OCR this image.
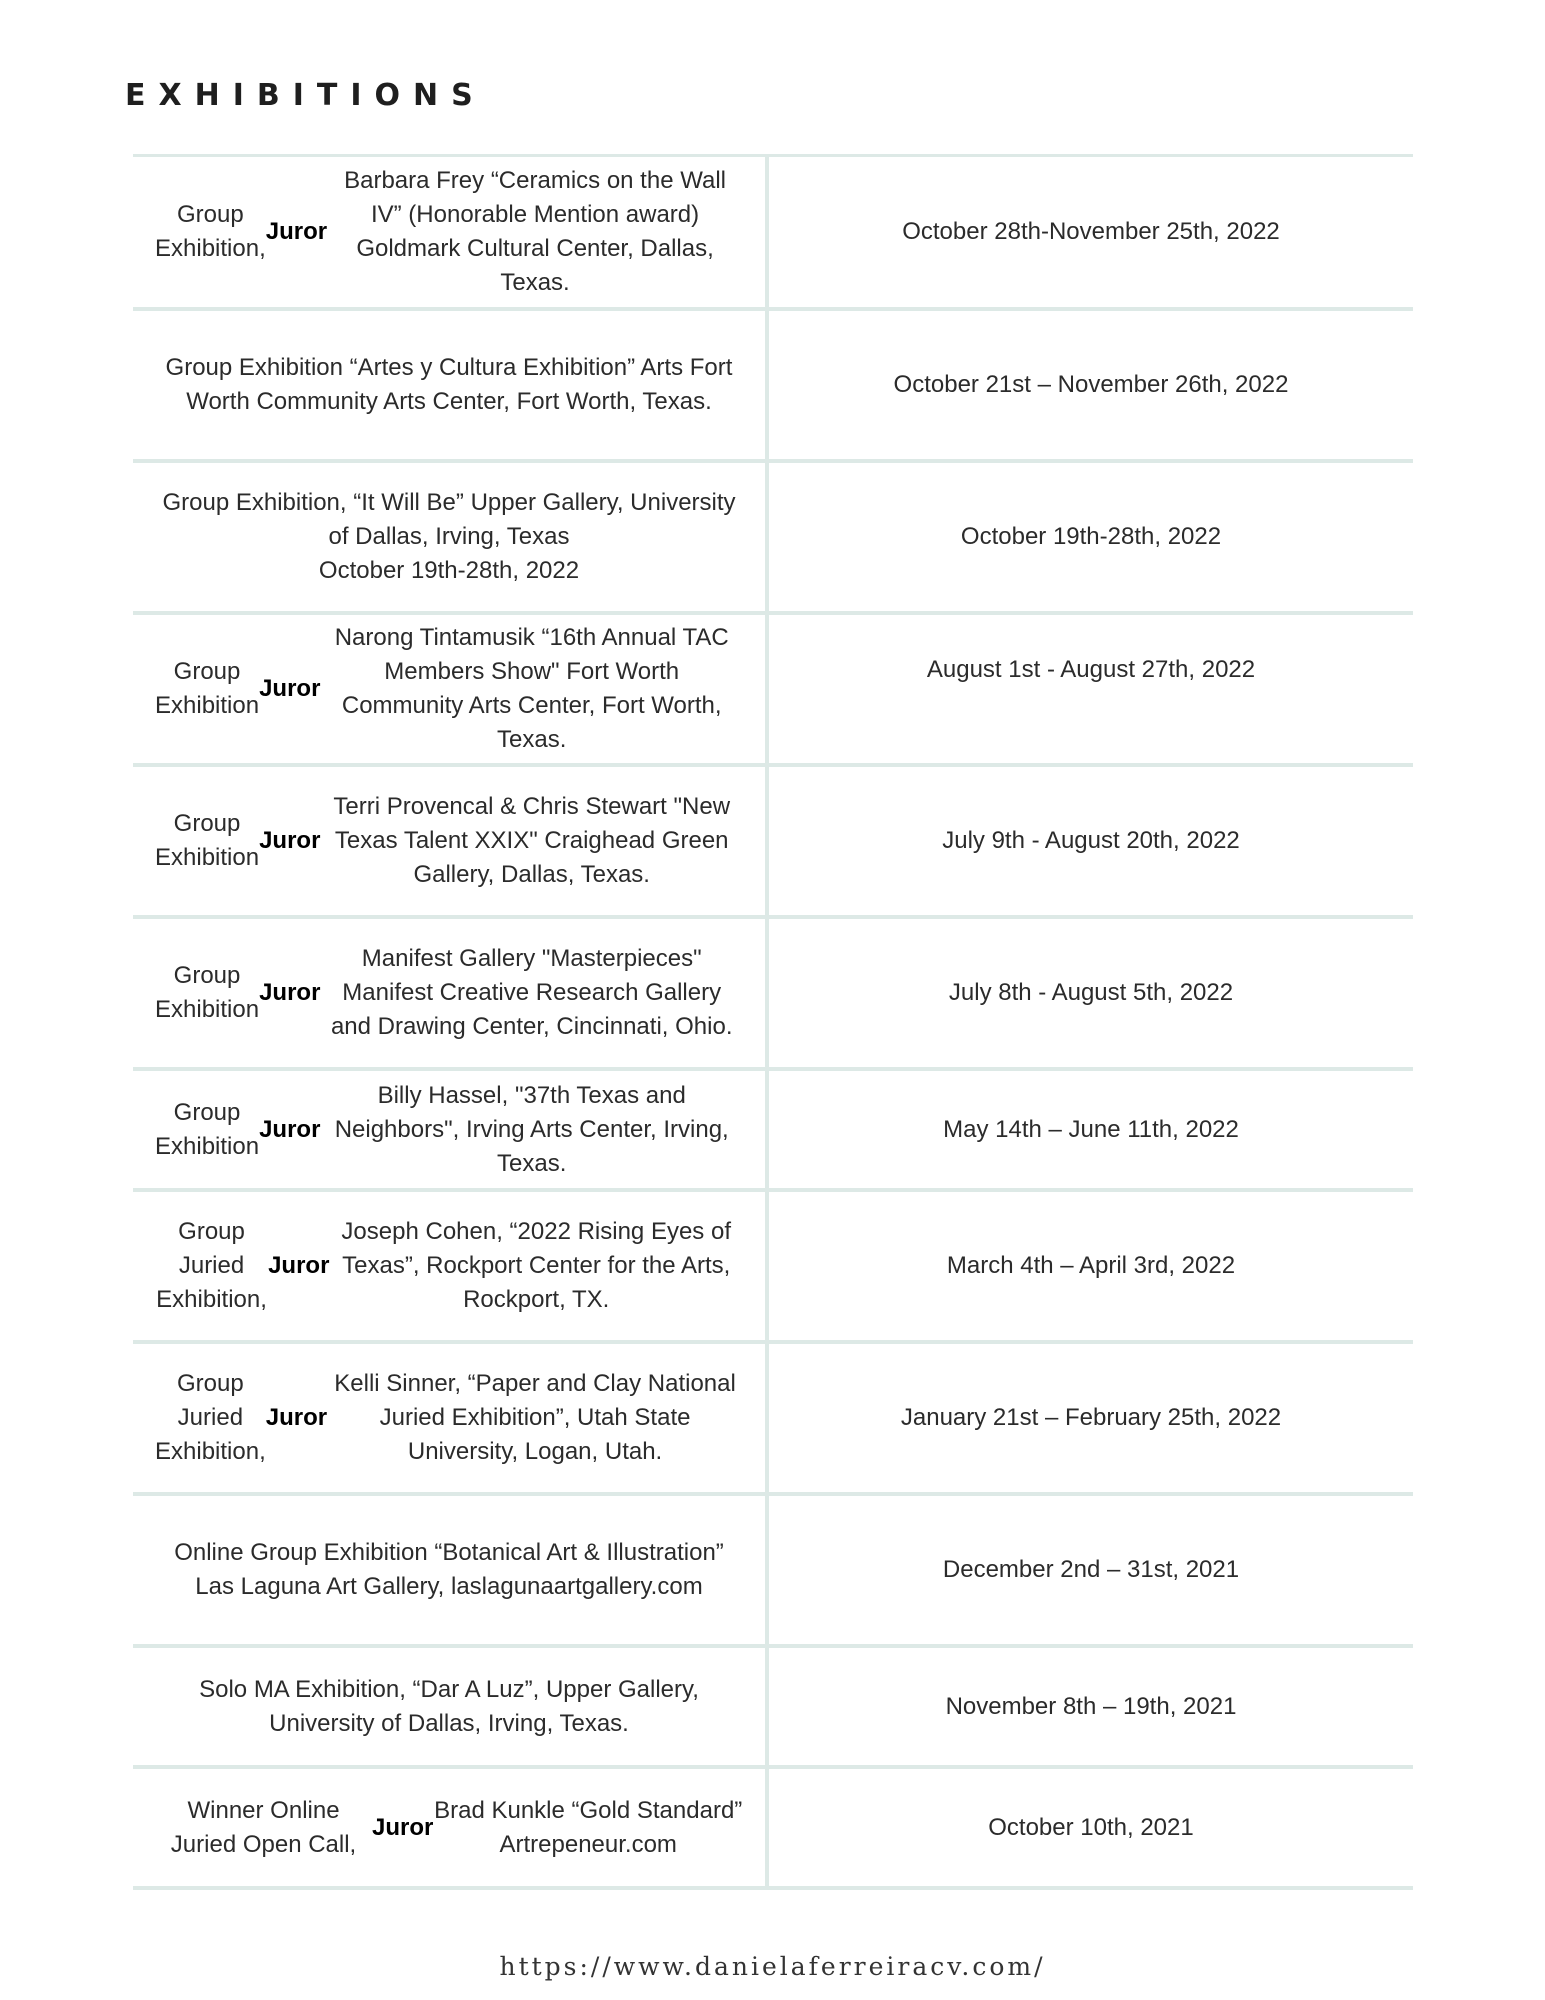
EXHIBITIONS
Group Exhibition,
Juror
Barbara Frey “Ceramics on the Wall IV” (Honorable Mention award) Goldmark Cultural Center, Dallas, Texas.
October 28th-November 25th, 2022
Group Exhibition “Artes y Cultura Exhibition” Arts Fort Worth Community Arts Center, Fort Worth, Texas.
October 21st – November 26th, 2022
Group Exhibition, “It Will Be” Upper Gallery, University of Dallas, Irving, Texas
October 19th-28th, 2022
October 19th-28th, 2022
Group Exhibition
Juror
Narong Tintamusik “16th Annual TAC Members Show" Fort Worth Community Arts Center, Fort Worth, Texas.
August 1st - August 27th, 2022
Group Exhibition
Juror
Terri Provencal & Chris Stewart "New Texas Talent XXIX" Craighead Green Gallery, Dallas, Texas.
July 9th - August 20th, 2022
Group Exhibition
Juror
Manifest Gallery "Masterpieces" Manifest Creative Research Gallery and Drawing Center, Cincinnati, Ohio.
July 8th - August 5th, 2022
Group Exhibition
Juror
Billy Hassel, "37th Texas and Neighbors", Irving Arts Center, Irving, Texas.
May 14th – June 11th, 2022
Group Juried Exhibition,
Juror
Joseph Cohen, “2022 Rising Eyes of Texas”, Rockport Center for the Arts, Rockport, TX.
March 4th – April 3rd, 2022
Group Juried Exhibition,
Juror
Kelli Sinner, “Paper and Clay National Juried Exhibition”, Utah State University, Logan, Utah.
January 21st – February 25th, 2022
Online Group Exhibition “Botanical Art & Illustration” Las Laguna Art Gallery, laslagunaartgallery.com
December 2nd – 31st, 2021
Solo MA Exhibition, “Dar A Luz”, Upper Gallery, University of Dallas, Irving, Texas.
November 8th – 19th, 2021
Winner Online Juried Open Call,
Juror
Brad Kunkle “Gold Standard” Artrepeneur.com
October 10th, 2021
https://www.danielaferreiracv.com/
